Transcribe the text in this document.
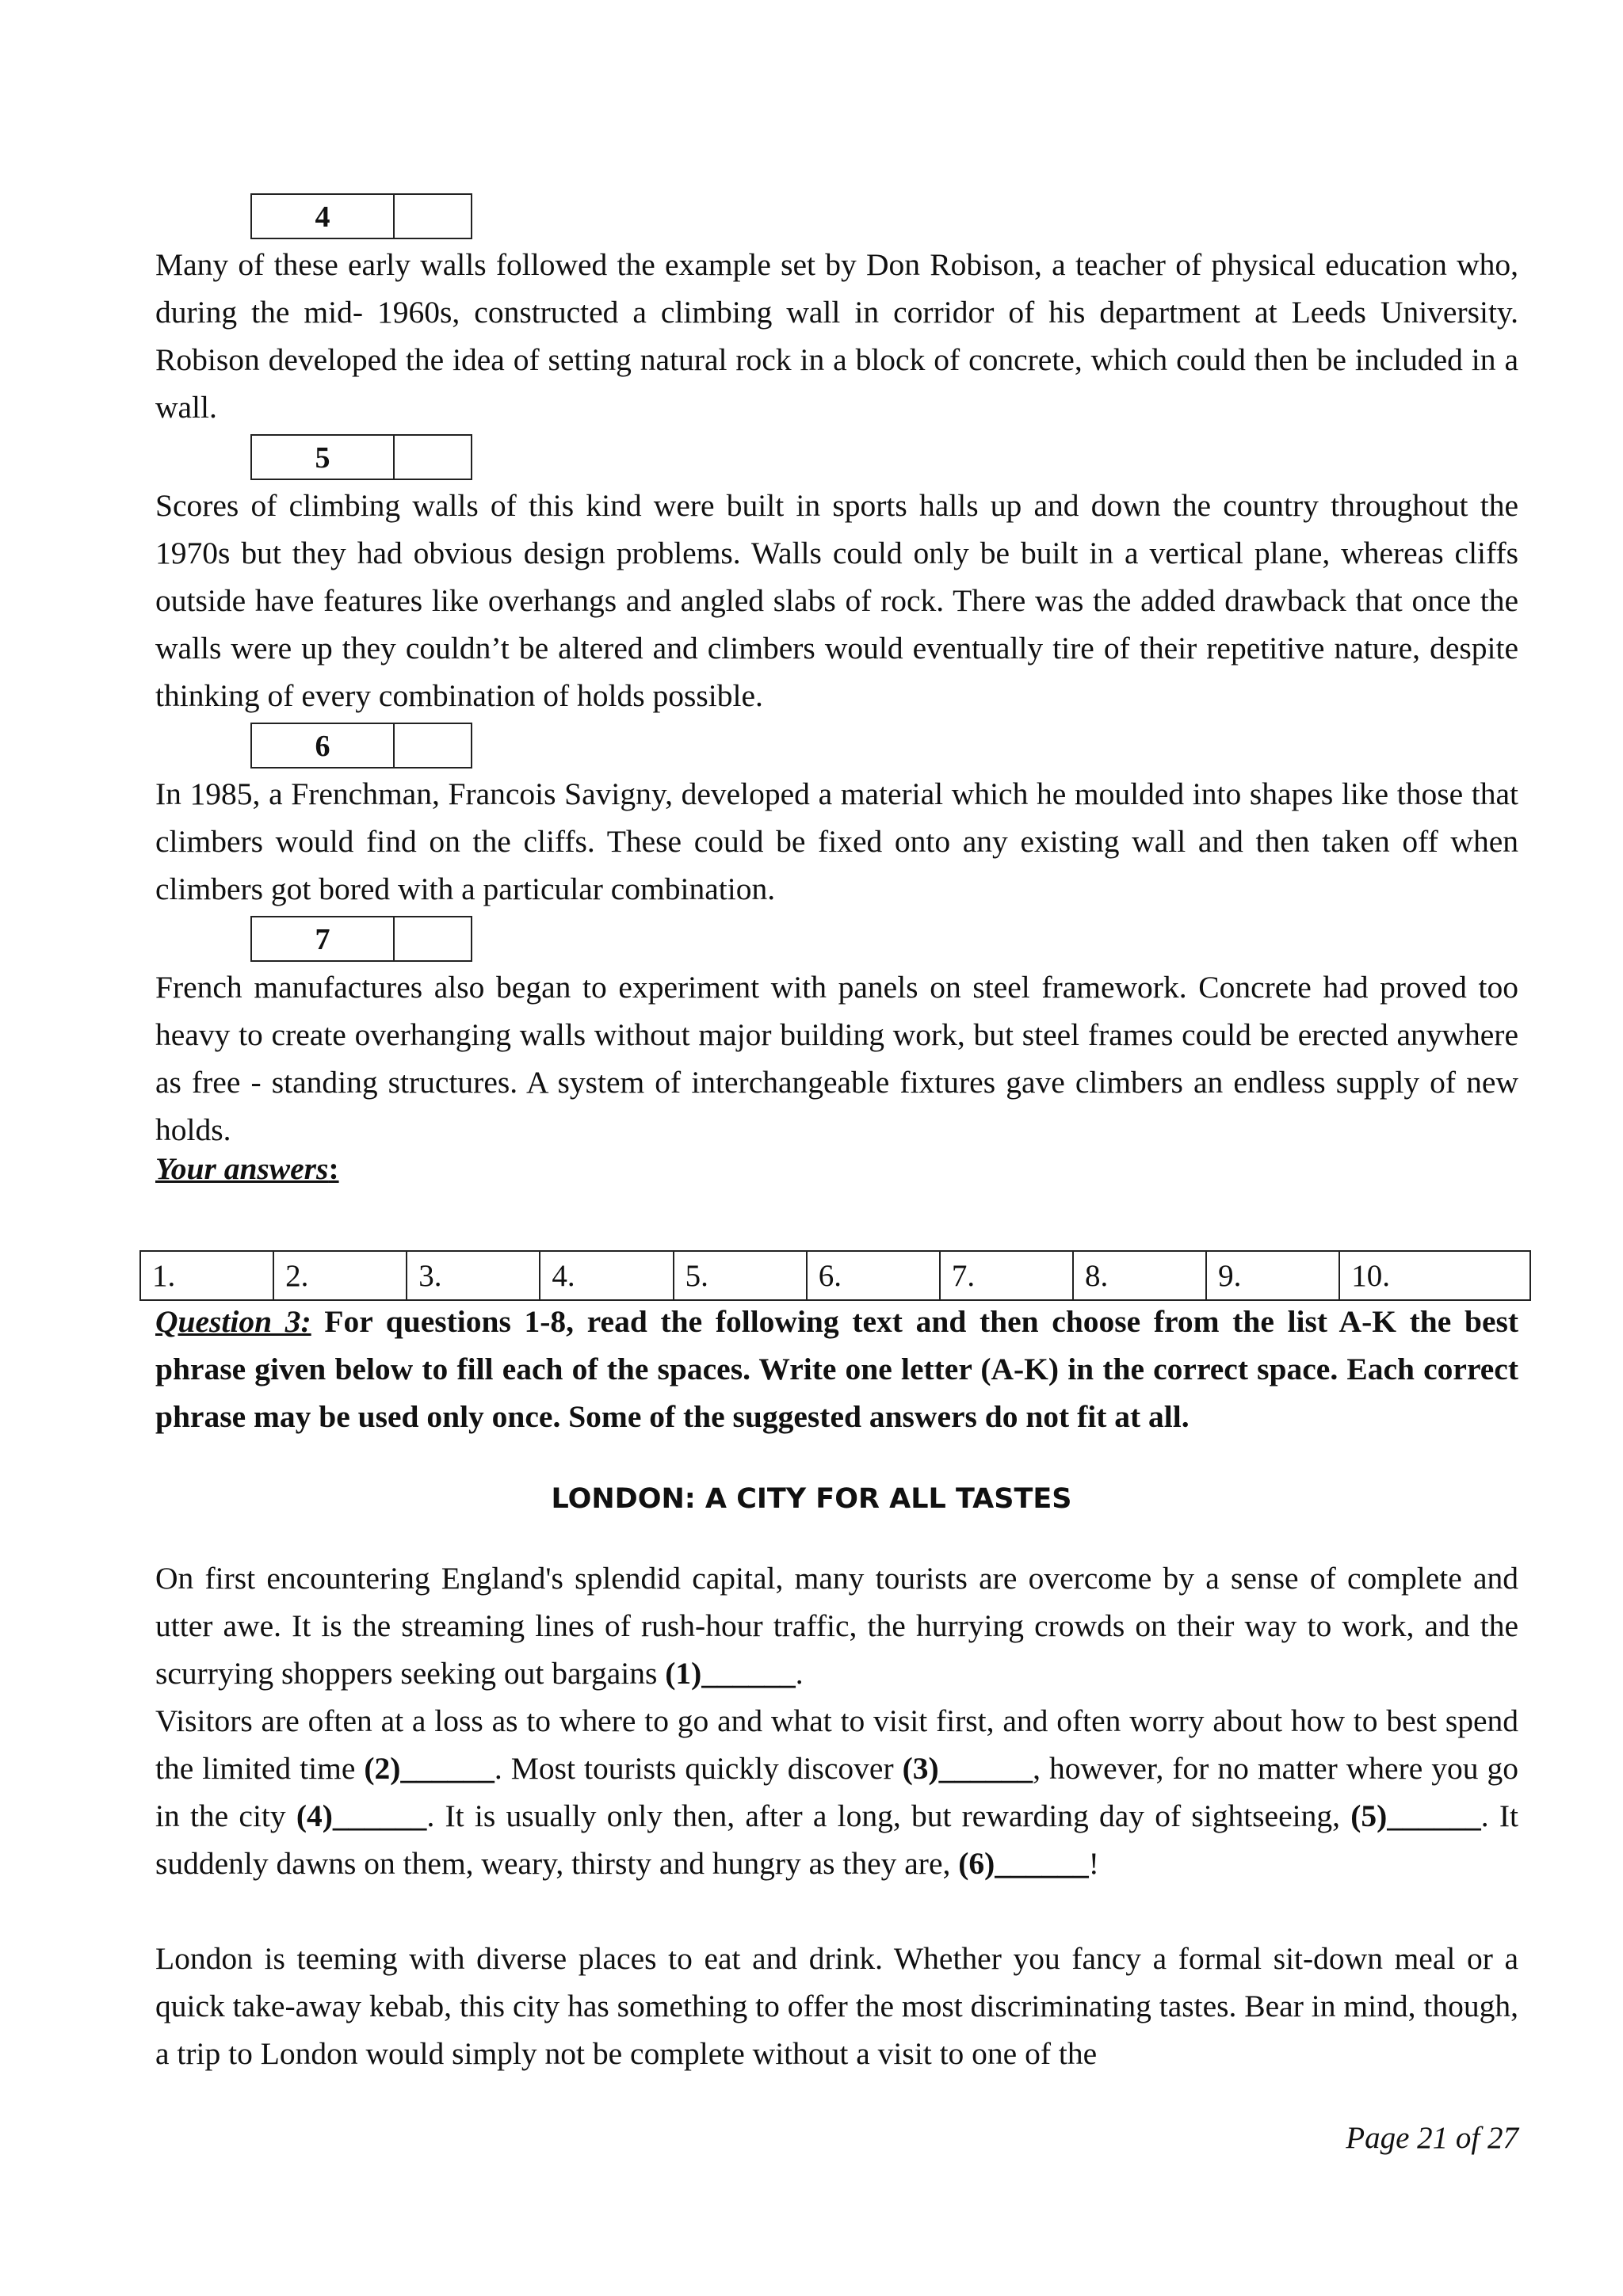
4

Many of these early walls followed the example set by Don Robison, a teacher of physical education who, during the mid- 1960s, constructed a climbing wall in corridor of his department at Leeds University. Robison developed the idea of setting natural rock in a block of concrete, which could then be included in a wall.

5

Scores of climbing walls of this kind were built in sports halls up and down the country throughout the 1970s but they had obvious design problems. Walls could only be built in a vertical plane, whereas cliffs outside have features like overhangs and angled slabs of rock. There was the added drawback that once the walls were up they couldn’t be altered and climbers would eventually tire of their repetitive nature, despite thinking of every combination of holds possible.

6

In 1985, a Frenchman, Francois Savigny, developed a material which he moulded into shapes like those that climbers would find on the cliffs. These could be fixed onto any existing wall and then taken off when climbers got bored with a particular combination.

7

French manufactures also began to experiment with panels on steel framework. Concrete had proved too heavy to create overhanging walls without major building work, but steel frames could be erected anywhere as free - standing structures. A system of interchangeable fixtures gave climbers an endless supply of new holds.

Your answers:
1.	2.	3.	4.	5.	6.	7.	8.	9.	10.

Question 3: For questions 1-8, read the following text and then choose from the list A-K the best phrase given below to fill each of the spaces. Write one letter (A-K) in the correct space. Each correct phrase may be used only once. Some of the suggested answers do not fit at all.

LONDON: A CITY FOR ALL TASTES

On first encountering England's splendid capital, many tourists are overcome by a sense of complete and utter awe. It is the streaming lines of rush-hour traffic, the hurrying crowds on their way to work, and the scurrying shoppers seeking out bargains (1)______.

Visitors are often at a loss as to where to go and what to visit first, and often worry about how to best spend the limited time (2)______. Most tourists quickly discover (3)______, however, for no matter where you go in the city (4)______. It is usually only then, after a long, but rewarding day of sightseeing, (5)______. It suddenly dawns on them, weary, thirsty and hungry as they are, (6)______!

London is teeming with diverse places to eat and drink. Whether you fancy a formal sit-down meal or a quick take-away kebab, this city has something to offer the most discriminating tastes. Bear in mind, though, a trip to London would simply not be complete without a visit to one of the

Page 21 of 27
